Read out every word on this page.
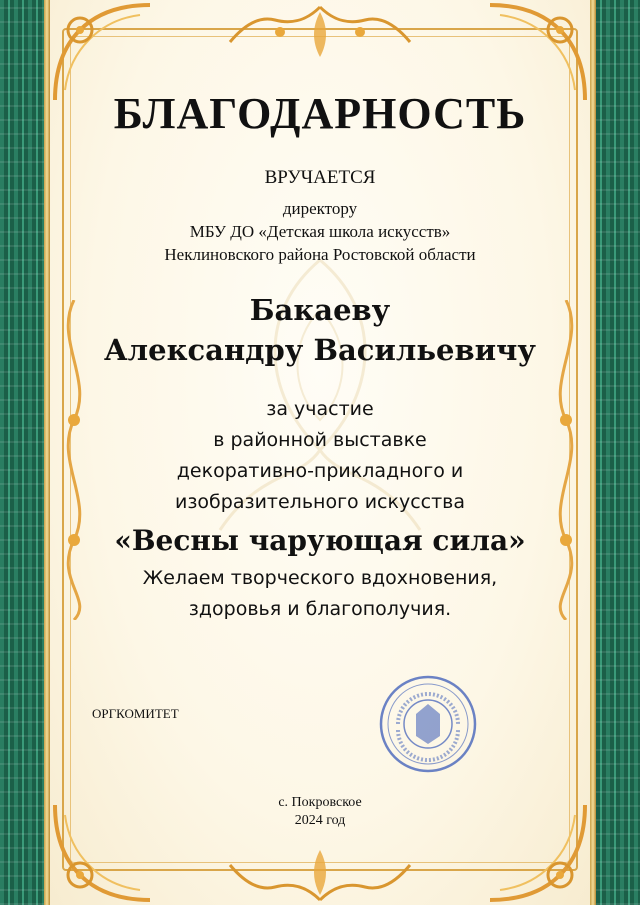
БЛАГОДАРНОСТЬ
ВРУЧАЕТСЯ
директору
МБУ ДО «Детская школа искусств»
Неклиновского района Ростовской области
Бакаеву
Александру Васильевичу
за участие
в районной выставке
декоративно-прикладного и
изобразительного искусства
«Весны чарующая сила»
Желаем творческого вдохновения,
здоровья и благополучия.
ОРГКОМИТЕТ
с. Покровское
2024 год
